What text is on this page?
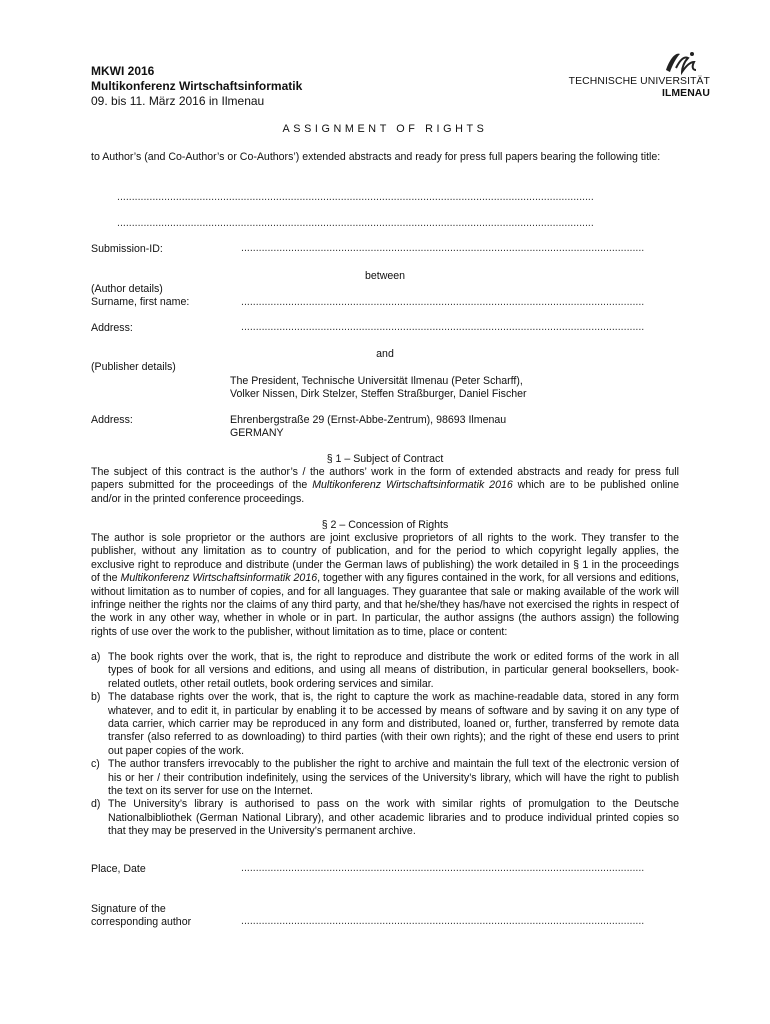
MKWI 2016
Multikonferenz Wirtschaftsinformatik
09. bis 11. März 2016 in Ilmenau
TECHNISCHE UNIVERSITÄT
ILMENAU
ASSIGNMENT OF RIGHTS
to Author’s (and Co-Author’s or Co-Authors’) extended abstracts and ready for press full papers bearing the following title:
..................................................................................................................................................................
..................................................................................................................................................................
Submission-ID:	.........................................................................................................................................
between
(Author details)
Surname, first name:	.........................................................................................................................................
Address:	.........................................................................................................................................
and
(Publisher details)
The President, Technische Universität Ilmenau (Peter Scharff),
Volker Nissen, Dirk Stelzer, Steffen Straßburger, Daniel Fischer
Address:	Ehrenbergstraße 29 (Ernst-Abbe-Zentrum), 98693 Ilmenau
GERMANY
§ 1 – Subject of Contract
The subject of this contract is the author’s / the authors’ work in the form of extended abstracts and ready for press full papers submitted for the proceedings of the Multikonferenz Wirtschaftsinformatik 2016 which are to be published online and/or in the printed conference proceedings.
§ 2 – Concession of Rights
The author is sole proprietor or the authors are joint exclusive proprietors of all rights to the work. They transfer to the publisher, without any limitation as to country of publication, and for the period to which copyright legally applies, the exclusive right to reproduce and distribute (under the German laws of publishing) the work detailed in § 1 in the proceedings of the Multikonferenz Wirtschaftsinformatik 2016, together with any figures contained in the work, for all versions and editions, without limitation as to number of copies, and for all languages. They guarantee that sale or making available of the work will infringe neither the rights nor the claims of any third party, and that he/she/they has/have not exercised the rights in respect of the work in any other way, whether in whole or in part. In particular, the author assigns (the authors assign) the following rights of use over the work to the publisher, without limitation as to time, place or content:
a) The book rights over the work, that is, the right to reproduce and distribute the work or edited forms of the work in all types of book for all versions and editions, and using all means of distribution, in particular general booksellers, book-related outlets, other retail outlets, book ordering services and similar.
b) The database rights over the work, that is, the right to capture the work as machine-readable data, stored in any form whatever, and to edit it, in particular by enabling it to be accessed by means of software and by saving it on any type of data carrier, which carrier may be reproduced in any form and distributed, loaned or, further, transferred by remote data transfer (also referred to as downloading) to third parties (with their own rights); and the right of these end users to print out paper copies of the work.
c) The author transfers irrevocably to the publisher the right to archive and maintain the full text of the electronic version of his or her / their contribution indefinitely, using the services of the University’s library, which will have the right to publish the text on its server for use on the Internet.
d) The University’s library is authorised to pass on the work with similar rights of promulgation to the Deutsche Nationalbibliothek (German National Library), and other academic libraries and to produce individual printed copies so that they may be preserved in the University’s permanent archive.
Place, Date	.........................................................................................................................................
Signature of the
corresponding author	.........................................................................................................................................
